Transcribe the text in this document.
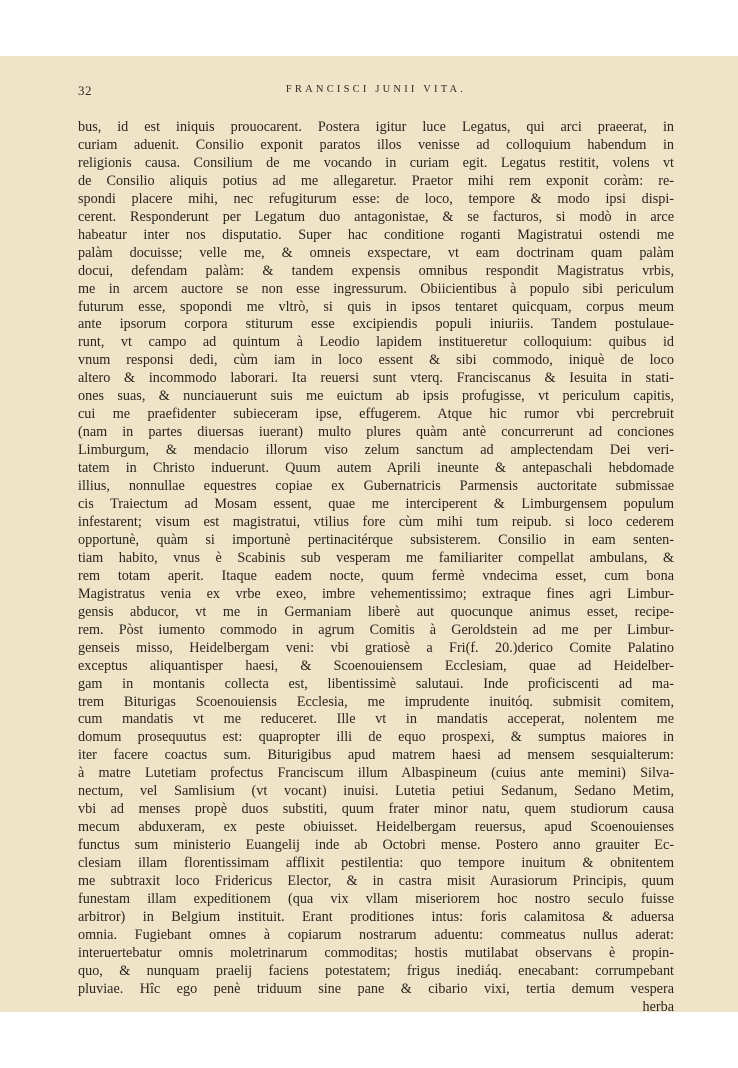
32	FRANCISCI JUNII VITA.
bus, id est iniquis prouocarent. Postera igitur luce Legatus, qui arci praeerat, in
curiam aduenit. Consilio exponit paratos illos venisse ad colloquium habendum in
religionis causa. Consilium de me vocando in curiam egit. Legatus restitit, volens vt
de Consilio aliquis potius ad me allegaretur. Praetor mihi rem exponit coràm: re-
spondi placere mihi, nec refugiturum esse: de loco, tempore & modo ipsi dispi-
cerent. Responderunt per Legatum duo antagonistae, & se facturos, si modò in arce
habeatur inter nos disputatio. Super hac conditione roganti Magistratui ostendi me
palàm docuisse; velle me, & omneis exspectare, vt eam doctrinam quam palàm
docui, defendam palàm: & tandem expensis omnibus respondit Magistratus vrbis,
me in arcem auctore se non esse ingressurum. Obiicientibus à populo sibi periculum
futurum esse, spopondi me vltrò, si quis in ipsos tentaret quicquam, corpus meum
ante ipsorum corpora stiturum esse excipiendis populi iniuriis. Tandem postulaue-
runt, vt campo ad quintum à Leodio lapidem institueretur colloquium: quibus id
vnum responsi dedi, cùm iam in loco essent & sibi commodo, iniquè de loco
altero & incommodo laborari. Ita reuersi sunt vterq. Franciscanus & Iesuita in stati-
ones suas, & nunciauerunt suis me euictum ab ipsis profugisse, vt periculum capitis,
cui me praefidenter subieceram ipse, effugerem. Atque hic rumor vbi percrebruit
(nam in partes diuersas iuerant) multo plures quàm antè concurrerunt ad conciones
Limburgum, & mendacio illorum viso zelum sanctum ad amplectendam Dei veri-
tatem in Christo induerunt. Quum autem Aprili ineunte & antepaschali hebdomade
illius, nonnullae equestres copiae ex Gubernatricis Parmensis auctoritate submissae
cis Traiectum ad Mosam essent, quae me interciperent & Limburgensem populum
infestarent; visum est magistratui, vtilius fore cùm mihi tum reipub. si loco cederem
opportunè, quàm si importunè pertinacitérque subsisterem. Consilio in eam senten-
tiam habito, vnus è Scabinis sub vesperam me familiariter compellat ambulans, &
rem totam aperit. Itaque eadem nocte, quum fermè vndecima esset, cum bona
Magistratus venia ex vrbe exeo, imbre vehementissimo; extraque fines agri Limbur-
gensis abducor, vt me in Germaniam liberè aut quocunque animus esset, recipe-
rem. Pòst iumento commodo in agrum Comitis à Geroldstein ad me per Limbur-
genseis misso, Heidelbergam veni: vbi gratiosè a Fri(f. 20.)derico Comite Palatino
exceptus aliquantisper haesi, & Scoenouiensem Ecclesiam, quae ad Heidelber-
gam in montanis collecta est, libentissimè salutaui. Inde proficiscenti ad ma-
trem Biturigas Scoenouiensis Ecclesia, me imprudente inuitóq. submisit comitem,
cum mandatis vt me reduceret. Ille vt in mandatis acceperat, nolentem me
domum prosequutus est: quapropter illi de equo prospexi, & sumptus maiores in
iter facere coactus sum. Biturigibus apud matrem haesi ad mensem sesquialterum:
à matre Lutetiam profectus Franciscum illum Albaspineum (cuius ante memini) Silva-
nectum, vel Samlisium (vt vocant) inuisi. Lutetia petiui Sedanum, Sedano Metim,
vbi ad menses propè duos substiti, quum frater minor natu, quem studiorum causa
mecum abduxeram, ex peste obiuisset. Heidelbergam reuersus, apud Scoenouienses
functus sum ministerio Euangelij inde ab Octobri mense. Postero anno grauiter Ec-
clesiam illam florentissimam afflixit pestilentia: quo tempore inuitum & obnitentem
me subtraxit loco Fridericus Elector, & in castra misit Aurasiorum Principis, quum
funestam illam expeditionem (qua vix vllam miseriorem hoc nostro seculo fuisse
arbitror) in Belgium instituit. Erant proditiones intus: foris calamitosa & aduersa
omnia. Fugiebant omnes à copiarum nostrarum aduentu: commeatus nullus aderat:
interuertebatur omnis moletrinarum commoditas; hostis mutilabat observans è propin-
quo, & nunquam praelij faciens potestatem; frigus inediáq. enecabant: corrumpebant
pluviae. Hîc ego penè triduum sine pane & cibario vixi, tertia demum vespera
herba
